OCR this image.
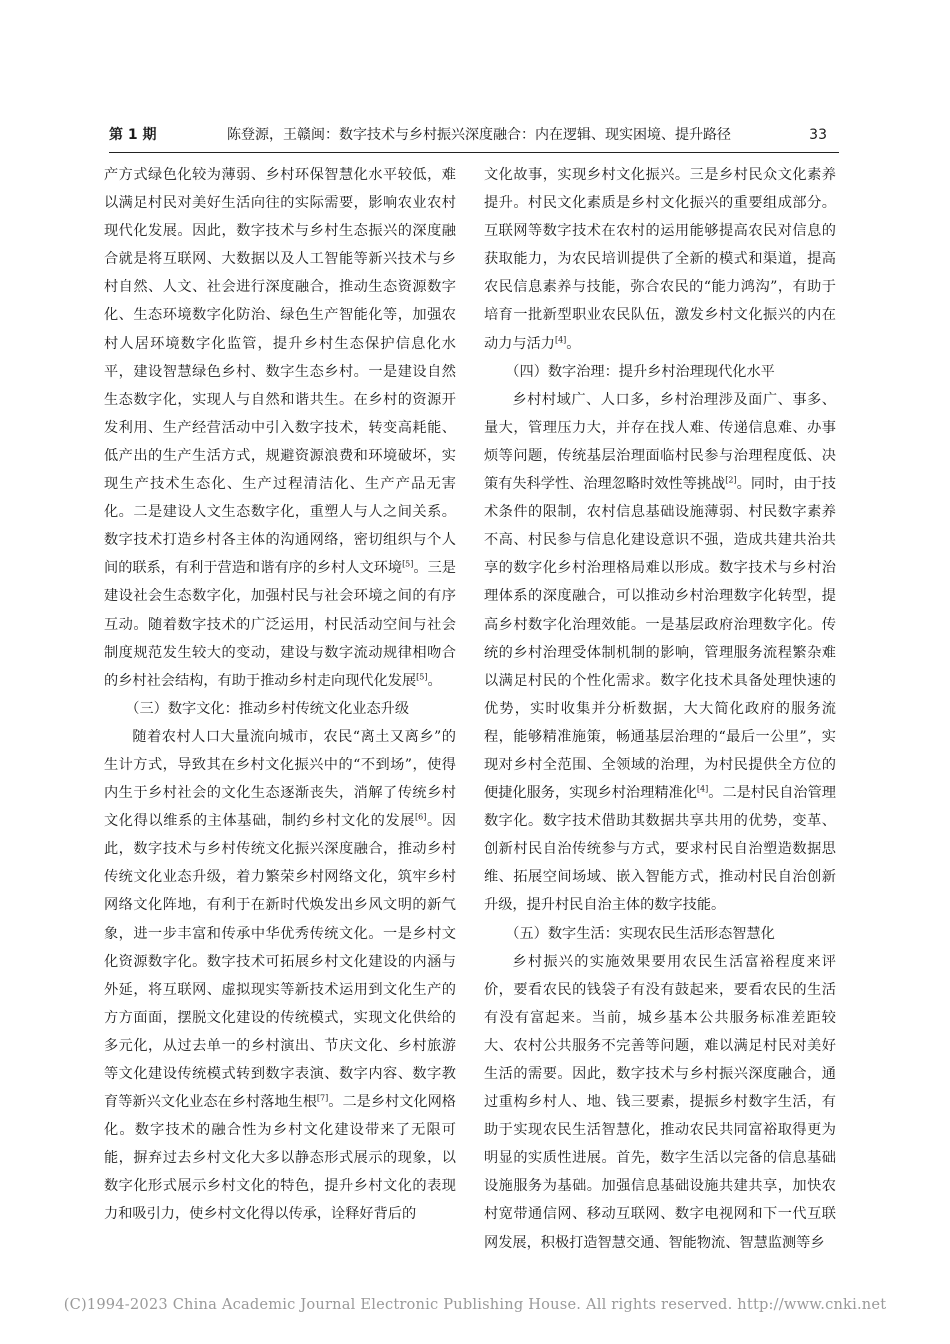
第 1 期	陈登源，王赣闽：数字技术与乡村振兴深度融合：内在逻辑、现实困境、提升路径	33

产方式绿色化较为薄弱、乡村环保智慧化水平较低，难以满足村民对美好生活向往的实际需要，影响农业农村现代化发展。因此，数字技术与乡村生态振兴的深度融合就是将互联网、大数据以及人工智能等新兴技术与乡村自然、人文、社会进行深度融合，推动生态资源数字化、生态环境数字化防治、绿色生产智能化等，加强农村人居环境数字化监管，提升乡村生态保护信息化水平，建设智慧绿色乡村、数字生态乡村。一是建设自然生态数字化，实现人与自然和谐共生。在乡村的资源开发利用、生产经营活动中引入数字技术，转变高耗能、低产出的生产生活方式，规避资源浪费和环境破坏，实现生产技术生态化、生产过程清洁化、生产产品无害化。二是建设人文生态数字化，重塑人与人之间关系。数字技术打造乡村各主体的沟通网络，密切组织与个人间的联系，有利于营造和谐有序的乡村人文环境[5]。三是建设社会生态数字化，加强村民与社会环境之间的有序互动。随着数字技术的广泛运用，村民活动空间与社会制度规范发生较大的变动，建设与数字流动规律相吻合的乡村社会结构，有助于推动乡村走向现代化发展[5]。

（三）数字文化：推动乡村传统文化业态升级

随着农村人口大量流向城市，农民“离土又离乡”的生计方式，导致其在乡村文化振兴中的“不到场”，使得内生于乡村社会的文化生态逐渐丧失，消解了传统乡村文化得以维系的主体基础，制约乡村文化的发展[6]。因此，数字技术与乡村传统文化振兴深度融合，推动乡村传统文化业态升级，着力繁荣乡村网络文化，筑牢乡村网络文化阵地，有利于在新时代焕发出乡风文明的新气象，进一步丰富和传承中华优秀传统文化。一是乡村文化资源数字化。数字技术可拓展乡村文化建设的内涵与外延，将互联网、虚拟现实等新技术运用到文化生产的方方面面，摆脱文化建设的传统模式，实现文化供给的多元化，从过去单一的乡村演出、节庆文化、乡村旅游等文化建设传统模式转到数字表演、数字内容、数字教育等新兴文化业态在乡村落地生根[7]。二是乡村文化网格化。数字技术的融合性为乡村文化建设带来了无限可能，摒弃过去乡村文化大多以静态形式展示的现象，以数字化形式展示乡村文化的特色，提升乡村文化的表现力和吸引力，使乡村文化得以传承，诠释好背后的

文化故事，实现乡村文化振兴。三是乡村民众文化素养提升。村民文化素质是乡村文化振兴的重要组成部分。互联网等数字技术在农村的运用能够提高农民对信息的获取能力，为农民培训提供了全新的模式和渠道，提高农民信息素养与技能，弥合农民的“能力鸿沟”，有助于培育一批新型职业农民队伍，激发乡村文化振兴的内在动力与活力[4]。

（四）数字治理：提升乡村治理现代化水平

乡村村域广、人口多，乡村治理涉及面广、事多、量大，管理压力大，并存在找人难、传递信息难、办事烦等问题，传统基层治理面临村民参与治理程度低、决策有失科学性、治理忽略时效性等挑战[2]。同时，由于技术条件的限制，农村信息基础设施薄弱、村民数字素养不高、村民参与信息化建设意识不强，造成共建共治共享的数字化乡村治理格局难以形成。数字技术与乡村治理体系的深度融合，可以推动乡村治理数字化转型，提高乡村数字化治理效能。一是基层政府治理数字化。传统的乡村治理受体制机制的影响，管理服务流程繁杂难以满足村民的个性化需求。数字化技术具备处理快速的优势，实时收集并分析数据，大大简化政府的服务流程，能够精准施策，畅通基层治理的“最后一公里”，实现对乡村全范围、全领域的治理，为村民提供全方位的便捷化服务，实现乡村治理精准化[4]。二是村民自治管理数字化。数字技术借助其数据共享共用的优势，变革、创新村民自治传统参与方式，要求村民自治塑造数据思维、拓展空间场域、嵌入智能方式，推动村民自治创新升级，提升村民自治主体的数字技能。

（五）数字生活：实现农民生活形态智慧化

乡村振兴的实施效果要用农民生活富裕程度来评价，要看农民的钱袋子有没有鼓起来，要看农民的生活有没有富起来。当前，城乡基本公共服务标准差距较大、农村公共服务不完善等问题，难以满足村民对美好生活的需要。因此，数字技术与乡村振兴深度融合，通过重构乡村人、地、钱三要素，提振乡村数字生活，有助于实现农民生活智慧化，推动农民共同富裕取得更为明显的实质性进展。首先，数字生活以完备的信息基础设施服务为基础。加强信息基础设施共建共享，加快农村宽带通信网、移动互联网、数字电视网和下一代互联网发展，积极打造智慧交通、智能物流、智慧监测等乡

(C)1994-2023 China Academic Journal Electronic Publishing House. All rights reserved. http://www.cnki.net
